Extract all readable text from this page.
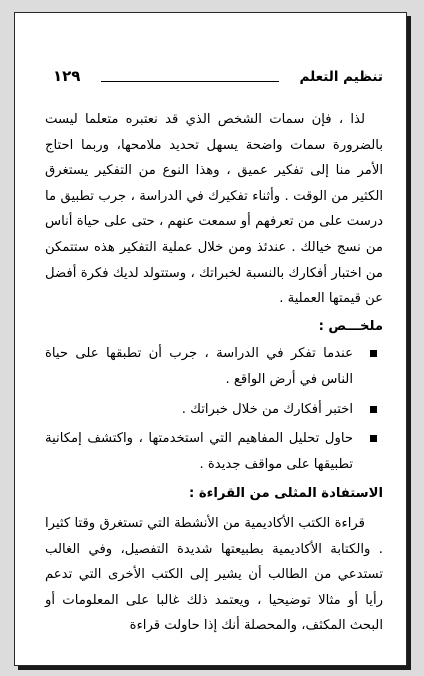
تنظيم التعلم
١٢٩

لذا ، فإن سمات الشخص الذي قد نعتبره متعلما ليست بالضرورة سمات واضحة يسهل تحديد ملامحها، وربما احتاج الأمر منا إلى تفكير عميق ، وهذا النوع من التفكير يستغرق الكثير من الوقت . وأثناء تفكيرك في الدراسة ، جرب تطبيق ما درست على من تعرفهم أو سمعت عنهم ، حتى على حياة أناس من نسج خيالك . عندئذ ومن خلال عملية التفكير هذه ستتمكن من اختبار أفكارك بالنسبة لخبراتك ، وستتولد لديك فكرة أفضل عن قيمتها العملية .

ملخـــص :

عندما تفكر في الدراسة ، جرب أن تطبقها على حياة الناس في أرض الواقع .
اختبر أفكارك من خلال خبراتك .
حاول تحليل المفاهيم التي استخدمتها ، واكتشف إمكانية تطبيقها على مواقف جديدة .

الاستفادة المثلى من القراءة :

قراءة الكتب الأكاديمية من الأنشطة التي تستغرق وقتا كثيرا . والكتابة الأكاديمية بطبيعتها شديدة التفصيل، وفي الغالب تستدعي من الطالب أن يشير إلى الكتب الأخرى التي تدعم رأيا أو مثالا توضيحيا ، ويعتمد ذلك غالبا على المعلومات أو البحث المكثف، والمحصلة أنك إذا حاولت قراءة
